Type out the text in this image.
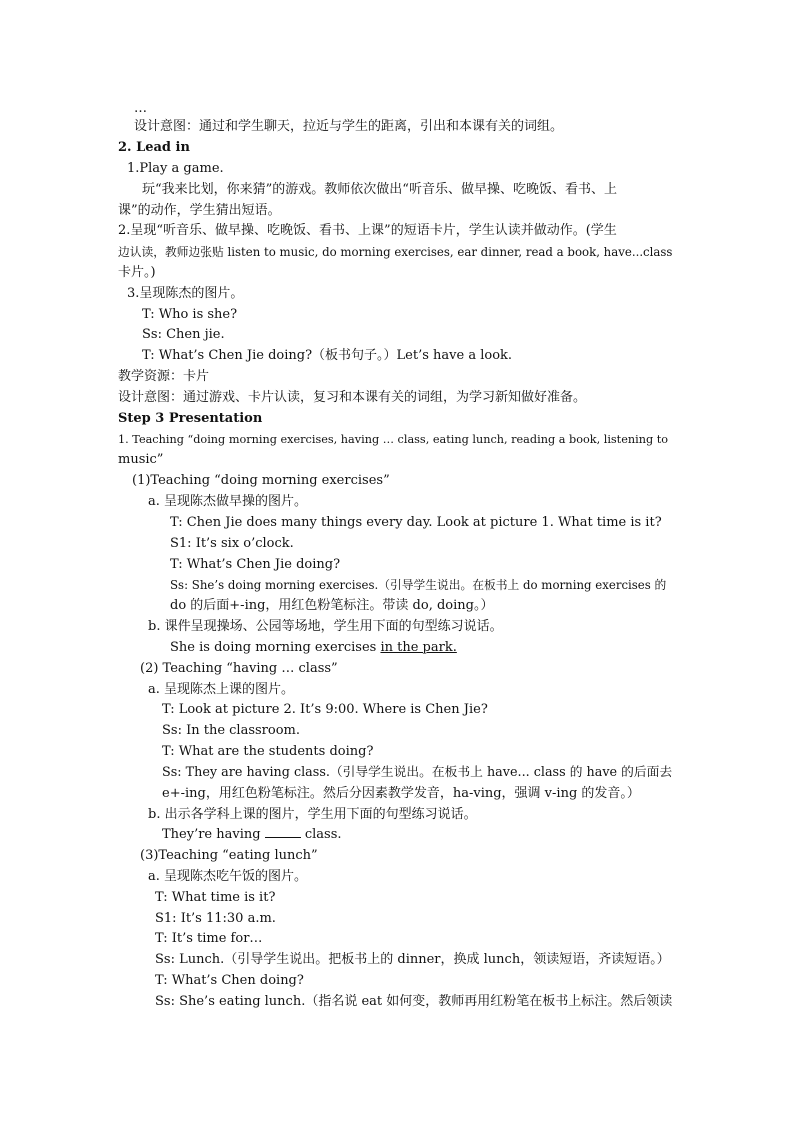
…
设计意图：通过和学生聊天，拉近与学生的距离，引出和本课有关的词组。
2. Lead in
1.Play a game.
玩“我来比划，你来猜”的游戏。教师依次做出“听音乐、做早操、吃晚饭、看书、上
课”的动作，学生猜出短语。
2.呈现“听音乐、做早操、吃晚饭、看书、上课”的短语卡片，学生认读并做动作。(学生
边认读，教师边张贴 listen to music, do morning exercises, ear dinner, read a book, have...class
卡片。)
3.呈现陈杰的图片。
T: Who is she?
Ss: Chen jie.
T: What’s Chen Jie doing?（板书句子。）Let’s have a look.
教学资源：卡片
设计意图：通过游戏、卡片认读，复习和本课有关的词组，为学习新知做好准备。
Step 3 Presentation
1. Teaching “doing morning exercises, having … class, eating lunch, reading a book, listening to
music”
(1)Teaching “doing morning exercises”
a. 呈现陈杰做早操的图片。
T: Chen Jie does many things every day. Look at picture 1. What time is it?
S1: It’s six o’clock.
T: What’s Chen Jie doing?
Ss: She’s doing morning exercises.（引导学生说出。在板书上 do morning exercises 的
do 的后面+-ing，用红色粉笔标注。带读 do, doing。）
b. 课件呈现操场、公园等场地，学生用下面的句型练习说话。
She is doing morning exercises in the park.
(2) Teaching “having … class”
a. 呈现陈杰上课的图片。
T: Look at picture 2. It’s 9:00. Where is Chen Jie?
Ss: In the classroom.
T: What are the students doing?
Ss: They are having class.（引导学生说出。在板书上 have... class 的 have 的后面去
e+-ing，用红色粉笔标注。然后分因素教学发音，ha-ving，强调 v-ing 的发音。）
b. 出示各学科上课的图片，学生用下面的句型练习说话。
They’re having	class.
(3)Teaching “eating lunch”
a. 呈现陈杰吃午饭的图片。
T: What time is it?
S1: It’s 11:30 a.m.
T: It’s time for…
Ss: Lunch.（引导学生说出。把板书上的 dinner，换成 lunch，领读短语，齐读短语。）
T: What’s Chen doing?
Ss: She’s eating lunch.（指名说 eat 如何变，教师再用红粉笔在板书上标注。然后领读
